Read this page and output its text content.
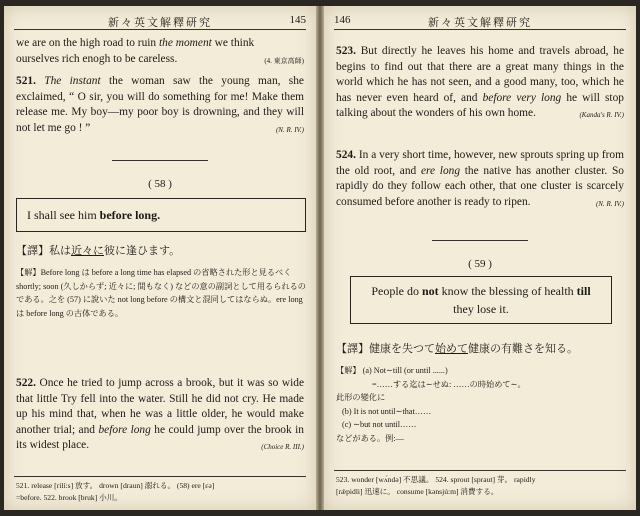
新々英文解釋研究	145

we are on the high road to ruin the moment we think

ourselves rich enogh to be careless.	(4. 東京高師)

521. The instant the woman saw the young man, she exclaimed, “ O sir, you will do something for me! Make them release me. My boy—my poor boy is drowning, and they will not let me go ! ”	(N. R. IV.)

( 58 )
I shall see him
before long.
【譯】私は近々に彼に逢ひます。
【解】Before long は before a long time has elapsed の省略された形と見るべく shortly; soon (久しからず; 近々に; 間もなく) などの意の副詞として用るられるのである。之を (57) に說いた not long before の構文と混同してはならぬ。ere long は before long の古体である。

522. Once he tried to jump across a brook, but it was so wide that little Try fell into the water. Still he did not cry. He made up his mind that, when he was a little older, he would make another trial; and before long he could jump over the brook in its widest place.	(Choice R. III.)

521. release [rilí:s] 放す。 drown [draun] 溺れる。 (58) ere [εə]

=before. 522. brook [bruk] 小川。

146	新々英文解釋研究

523. But directly he leaves his home and travels abroad, he begins to find out that there are a great many things in the world which he has not seen, and a good many, too, which he has never even heard of, and before very long he will stop talking about the wonders of his own home.	(Kanda's R. IV.)

524. In a very short time, however, new sprouts spring up from the old root, and ere long the native has another cluster. So rapidly do they follow each other, that one cluster is scarcely consumed before another is ready to ripen.	(N. R. IV.)

( 59 )
People do not know the blessing of health till they lose it.
【譯】健康を失つて始めて健康の有難さを知る。

【解】 (a) Not∼till (or until ......)

=……する迄は∼せぬ: ……の時始めて∼。

此形の變化に

(b) It is not until∼that……

(c) ∼but not until……

などがある。例:—

523. wonder [wʌ́ndə] 不思議。 524. sprout [spraut] 芽。 rapidly

[rǽpidli] 迅速に。 consume [kənsjú:m] 消費する。
